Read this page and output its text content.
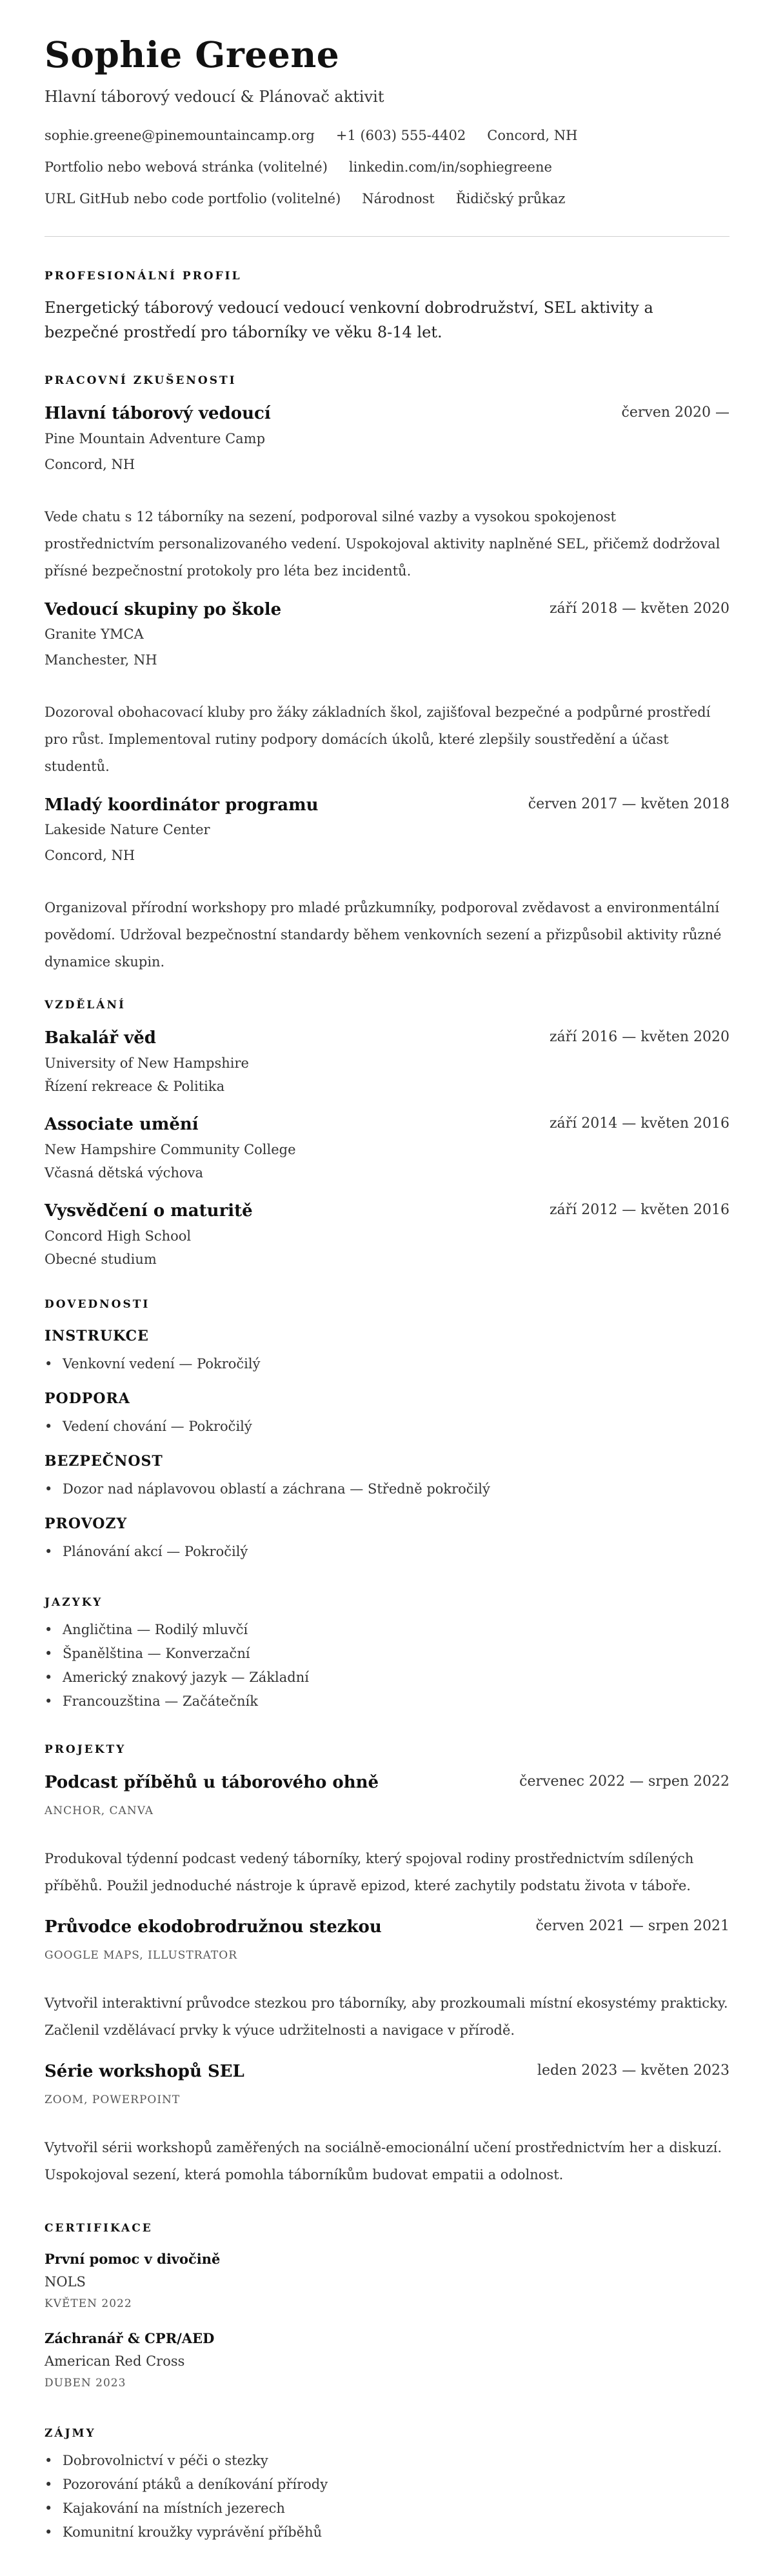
Sophie Greene
Hlavní táborový vedoucí & Plánovač aktivit
sophie.greene@pinemountaincamp.org +1 (603) 555-4402 Concord, NH
Portfolio nebo webová stránka (volitelné) linkedin.com/in/sophiegreene
URL GitHub nebo code portfolio (volitelné) Národnost Řidičský průkaz
PROFESIONÁLNÍ PROFIL
Energetický táborový vedoucí vedoucí venkovní dobrodružství, SEL aktivity a bezpečné prostředí pro táborníky ve věku 8-14 let.
PRACOVNÍ ZKUŠENOSTI
Hlavní táborový vedoucí	červen 2020 —
Pine Mountain Adventure Camp
Concord, NH
Vede chatu s 12 táborníky na sezení, podporoval silné vazby a vysokou spokojenost prostřednictvím personalizovaného vedení. Uspokojoval aktivity naplněné SEL, přičemž dodržoval přísné bezpečnostní protokoly pro léta bez incidentů.
Vedoucí skupiny po škole	září 2018 — květen 2020
Granite YMCA
Manchester, NH
Dozoroval obohacovací kluby pro žáky základních škol, zajišťoval bezpečné a podpůrné prostředí pro růst. Implementoval rutiny podpory domácích úkolů, které zlepšily soustředění a účast studentů.
Mladý koordinátor programu	červen 2017 — květen 2018
Lakeside Nature Center
Concord, NH
Organizoval přírodní workshopy pro mladé průzkumníky, podporoval zvědavost a environmentální povědomí. Udržoval bezpečnostní standardy během venkovních sezení a přizpůsobil aktivity různé dynamice skupin.
VZDĚLÁNÍ
Bakalář věd	září 2016 — květen 2020
University of New Hampshire
Řízení rekreace & Politika
Associate umění	září 2014 — květen 2016
New Hampshire Community College
Včasná dětská výchova
Vysvědčení o maturitě	září 2012 — květen 2016
Concord High School
Obecné studium
DOVEDNOSTI
INSTRUKCE
• Venkovní vedení — Pokročilý
PODPORA
• Vedení chování — Pokročilý
BEZPEČNOST
• Dozor nad náplavovou oblastí a záchrana — Středně pokročilý
PROVOZY
• Plánování akcí — Pokročilý
JAZYKY
• Angličtina — Rodilý mluvčí
• Španělština — Konverzační
• Americký znakový jazyk — Základní
• Francouzština — Začátečník
PROJEKTY
Podcast příběhů u táborového ohně	červenec 2022 — srpen 2022
ANCHOR, CANVA
Produkoval týdenní podcast vedený táborníky, který spojoval rodiny prostřednictvím sdílených příběhů. Použil jednoduché nástroje k úpravě epizod, které zachytily podstatu života v táboře.
Průvodce ekodobrodružnou stezkou	červen 2021 — srpen 2021
GOOGLE MAPS, ILLUSTRATOR
Vytvořil interaktivní průvodce stezkou pro táborníky, aby prozkoumali místní ekosystémy prakticky. Začlenil vzdělávací prvky k výuce udržitelnosti a navigace v přírodě.
Série workshopů SEL	leden 2023 — květen 2023
ZOOM, POWERPOINT
Vytvořil sérii workshopů zaměřených na sociálně-emocionální učení prostřednictvím her a diskuzí. Uspokojoval sezení, která pomohla táborníkům budovat empatii a odolnost.
CERTIFIKACE
První pomoc v divočině
NOLS
KVĚTEN 2022
Záchranář & CPR/AED
American Red Cross
DUBEN 2023
ZÁJMY
• Dobrovolnictví v péči o stezky
• Pozorování ptáků a deníkování přírody
• Kajakování na místních jezerech
• Komunitní kroužky vyprávění příběhů
